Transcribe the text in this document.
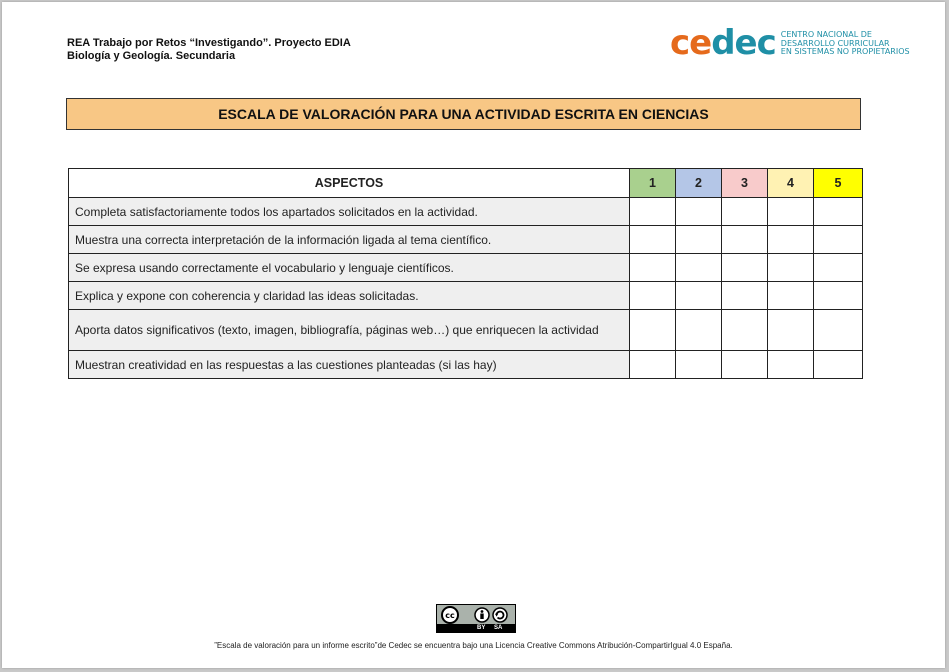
REA Trabajo por Retos “Investigando”. Proyecto EDIA
Biología y Geología. Secundaria	cedec CENTRO NACIONAL DE
DESARROLLO CURRICULAR
EN SISTEMAS NO PROPIETARIOS
ESCALA DE VALORACIÓN PARA UNA ACTIVIDAD ESCRITA EN CIENCIAS
ASPECTOS	1	2	3	4	5
Completa satisfactoriamente todos los apartados solicitados en la actividad.					
Muestra una correcta interpretación de la información ligada al tema científico.					
Se expresa usando correctamente el vocabulario y lenguaje científicos.					
Explica y expone con coherencia y claridad las ideas solicitadas.					
Aporta datos significativos (texto, imagen, bibliografía, páginas web…) que enriquecen la actividad					
Muestran creatividad en las respuestas a las cuestiones planteadas (si las hay)					
cc
BY SA
”Escala de valoración para un informe escrito”de Cedec se encuentra bajo una Licencia Creative Commons Atribución-CompartirIgual 4.0 España.
